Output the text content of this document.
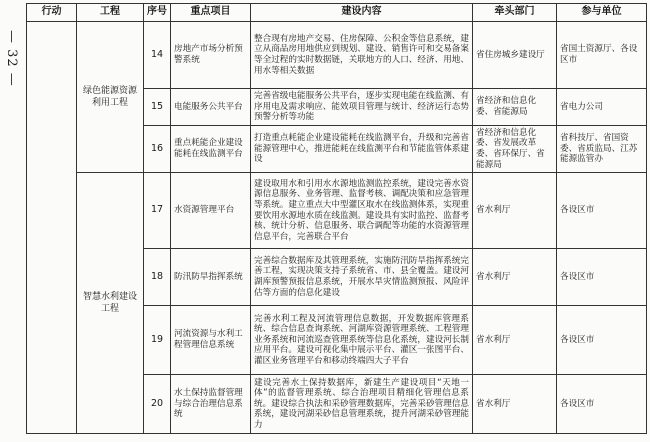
— 32 —
行动	工程	序号	重点项目	建设内容	牵头部门	参与单位
	绿色能源资源利用工程	14	房地产市场分析预警系统	整合现有房地产交易、住房保障、公积金等信息系统，建立从商品房用地供应到规划、建设、销售许可和交易备案等全过程的实时数据链，关联地方的人口、经济、用地、用水等相关数据	省住房城乡建设厅	省国土资源厅、各设区市
		15	电能服务公共平台	完善省级电能服务公共平台，逐步实现电能在线监测、有序用电及需求响应、能效项目管理与统计、经济运行态势预警分析等功能	省经济和信息化委、省能源局	省电力公司
		16	重点耗能企业建设能耗在线监测平台	打造重点耗能企业建设能耗在线监测平台，升级和完善省能源管理中心，推进能耗在线监测平台和节能监管体系建设	省经济和信息化委、省发展改革委、省环保厅、省能源局	省科技厅、省国资委、省质监局、江苏能源监管办
	智慧水利建设工程	17	水资源管理平台	建设取用水和引用水水源地监测监控系统，建设完善水资源信息服务、业务管理、监督考核、调配决策和应急管理等系统。建立重点大中型灌区取水在线监测体系，实现重要饮用水源地水质在线监测。建设具有实时监控、监督考核、统计分析、信息服务、联合调配等功能的水资源管理信息平台，完善联合平台	省水利厅	各设区市
		18	防汛防旱指挥系统	完善综合数据库及其管理系统，实施防汛防旱指挥系统完善工程，实现决策支持子系统省、市、县全覆盖。建设河湖库预警预报信息系统，开展水旱灾情监测预报、风险评估等方面的信息化建设	省水利厅	各设区市
		19	河流资源与水利工程管理信息系统	完善水利工程及河流管理信息数据，开发数据库管理系统、综合信息查询系统、河湖库资源管理系统、工程管理业务系统和河流巡查管理系统等信息化系统，建设河长制应用平台。建设可视化集中展示平台、灌区一张图平台、灌区业务管理平台和移动终端四大子平台	省水利厅	各设区市
		20	水土保持监督管理与综合治理信息系统	建设完善水土保持数据库，新建生产建设项目“天地一体”的监督管理系统、综合治理项目精细化管理信息系统。建设综合执法和采砂管理数据库，完善采砂管理信息系统，建设河湖采砂信息管理系统，提升河湖采砂管理能力	省水利厅	各设区市
